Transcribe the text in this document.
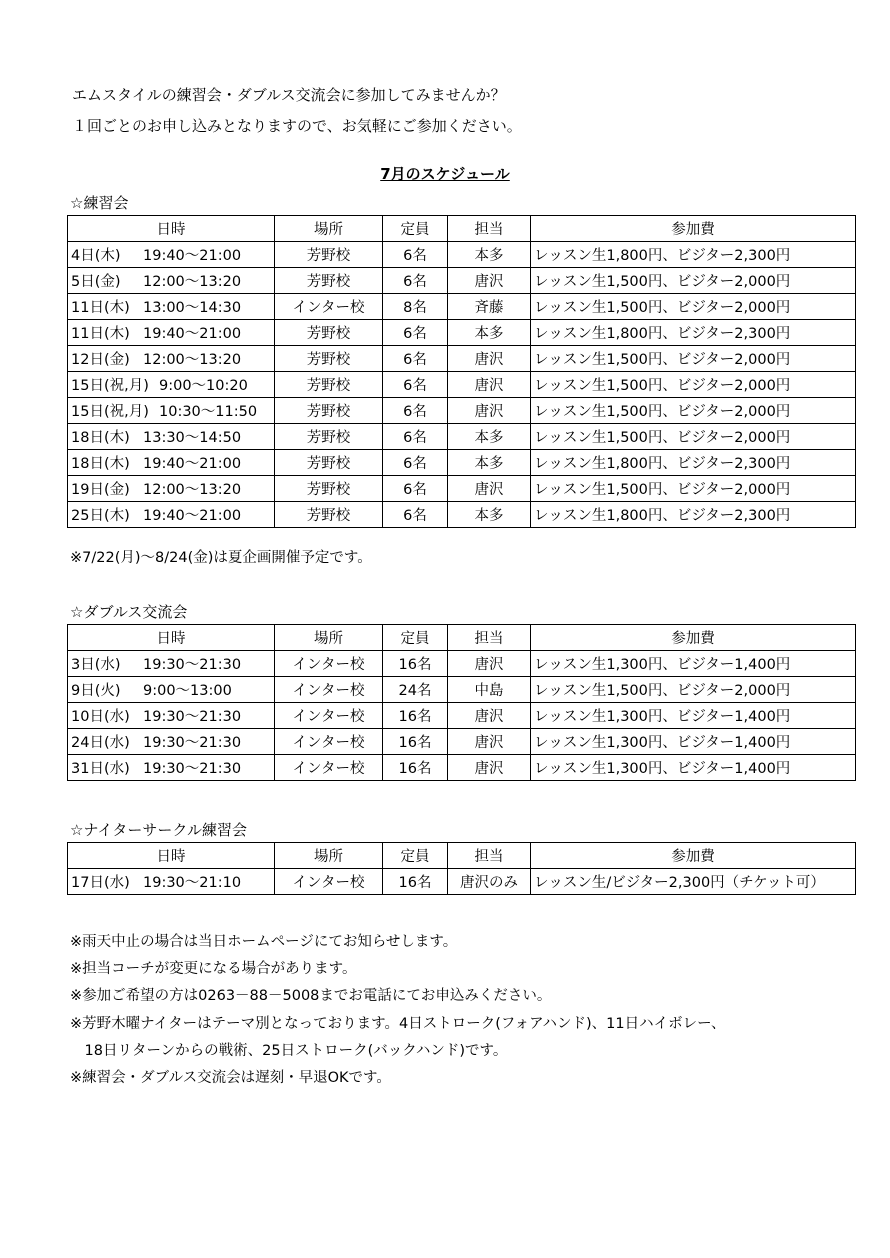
エムスタイルの練習会・ダブルス交流会に参加してみませんか？
１回ごとのお申し込みとなりますので、お気軽にご参加ください。
7月のスケジュール
☆練習会
日時	場所	定員	担当	参加費
4日(木) 19:40～21:00	芳野校	6名	本多	レッスン生1,800円、ビジター2,300円
5日(金) 12:00～13:20	芳野校	6名	唐沢	レッスン生1,500円、ビジター2,000円
11日(木) 13:00～14:30	インター校	8名	斉藤	レッスン生1,500円、ビジター2,000円
11日(木) 19:40～21:00	芳野校	6名	本多	レッスン生1,800円、ビジター2,300円
12日(金) 12:00～13:20	芳野校	6名	唐沢	レッスン生1,500円、ビジター2,000円
15日(祝,月) 9:00～10:20	芳野校	6名	唐沢	レッスン生1,500円、ビジター2,000円
15日(祝,月) 10:30～11:50	芳野校	6名	唐沢	レッスン生1,500円、ビジター2,000円
18日(木) 13:30～14:50	芳野校	6名	本多	レッスン生1,500円、ビジター2,000円
18日(木) 19:40～21:00	芳野校	6名	本多	レッスン生1,800円、ビジター2,300円
19日(金) 12:00～13:20	芳野校	6名	唐沢	レッスン生1,500円、ビジター2,000円
25日(木) 19:40～21:00	芳野校	6名	本多	レッスン生1,800円、ビジター2,300円
※7/22(月)～8/24(金)は夏企画開催予定です。
☆ダブルス交流会
日時	場所	定員	担当	参加費
3日(水) 19:30～21:30	インター校	16名	唐沢	レッスン生1,300円、ビジター1,400円
9日(火) 9:00～13:00	インター校	24名	中島	レッスン生1,500円、ビジター2,000円
10日(水) 19:30～21:30	インター校	16名	唐沢	レッスン生1,300円、ビジター1,400円
24日(水) 19:30～21:30	インター校	16名	唐沢	レッスン生1,300円、ビジター1,400円
31日(水) 19:30～21:30	インター校	16名	唐沢	レッスン生1,300円、ビジター1,400円
☆ナイターサークル練習会
日時	場所	定員	担当	参加費
17日(水) 19:30～21:10	インター校	16名	唐沢のみ	レッスン生/ビジター2,300円（チケット可）
※雨天中止の場合は当日ホームページにてお知らせします。
※担当コーチが変更になる場合があります。
※参加ご希望の方は0263－88－5008までお電話にてお申込みください。
※芳野木曜ナイターはテーマ別となっております。4日ストローク(フォアハンド)、11日ハイボレー、
　18日リターンからの戦術、25日ストローク(バックハンド)です。
※練習会・ダブルス交流会は遅刻・早退OKです。
